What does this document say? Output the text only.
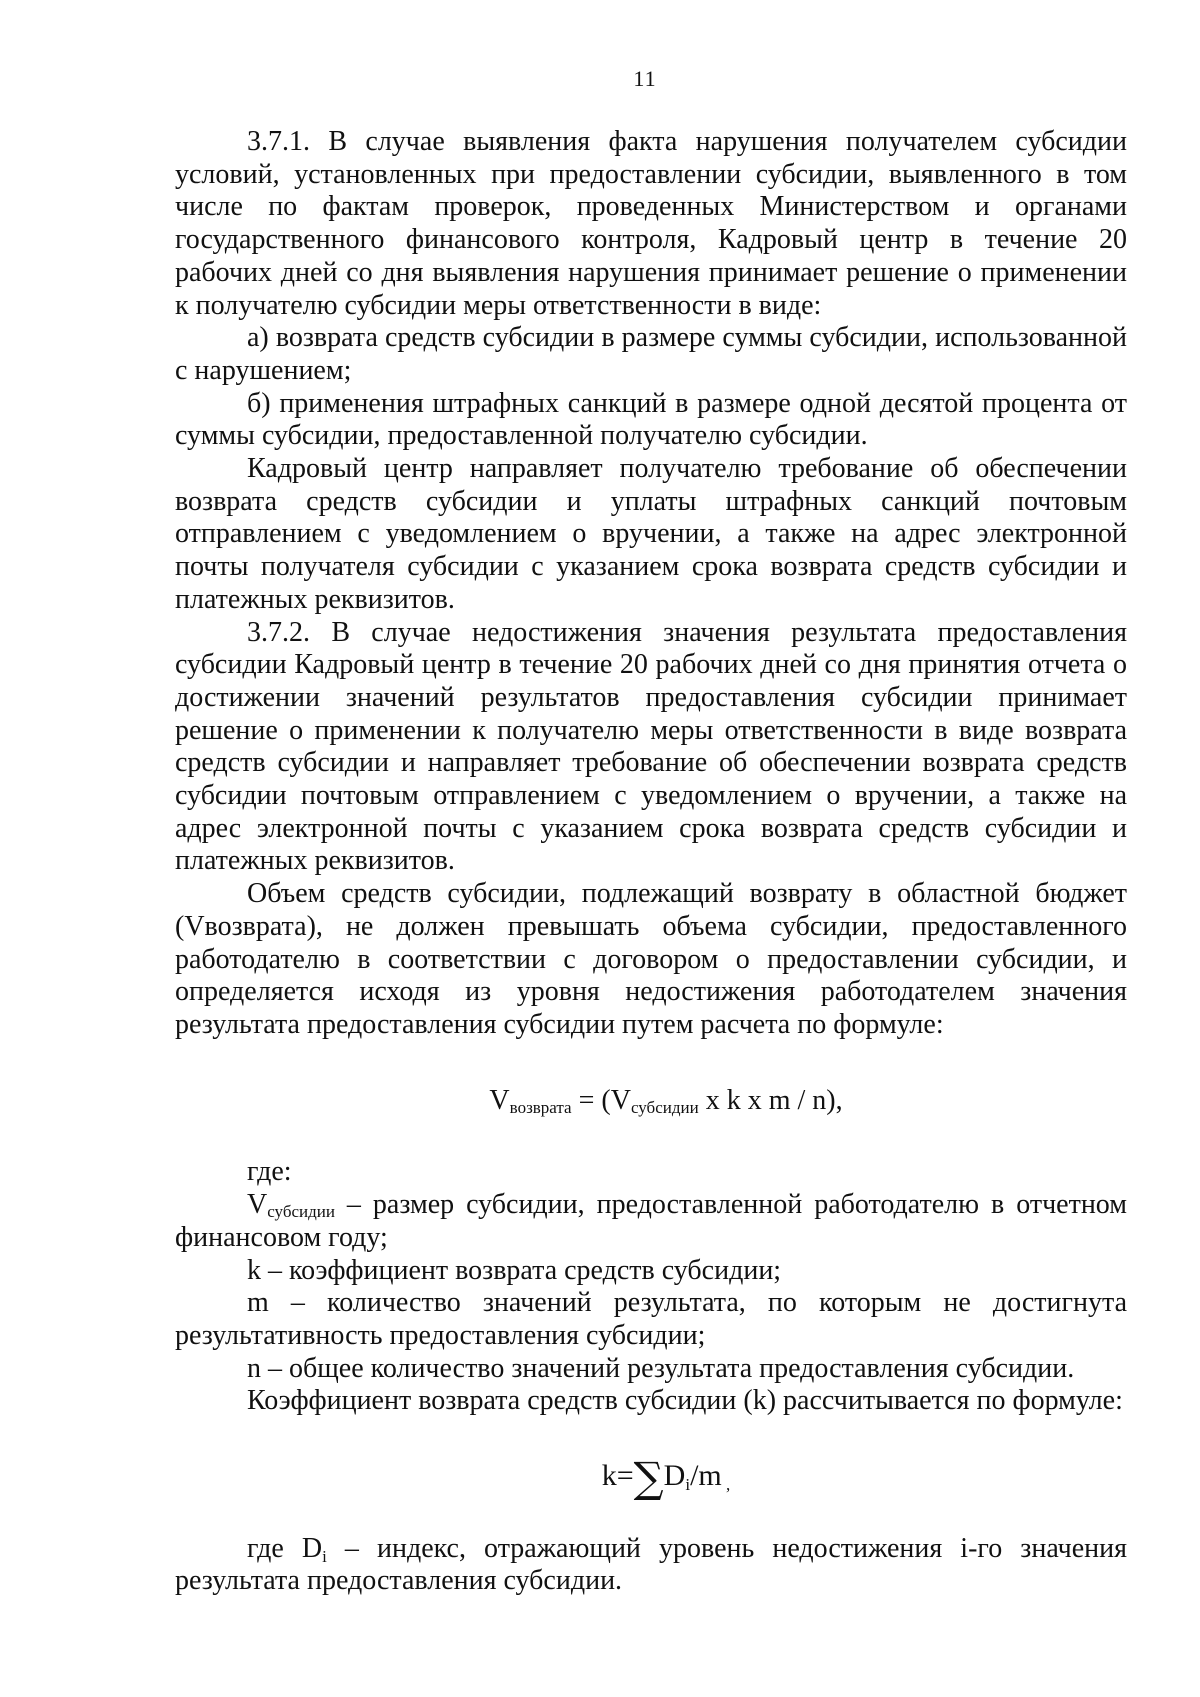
11

3.7.1. В случае выявления факта нарушения получателем субсидии условий, установленных при предоставлении субсидии, выявленного в том числе по фактам проверок, проведенных Министерством и органами государственного финансового контроля, Кадровый центр в течение 20 рабочих дней со дня выявления нарушения принимает решение о применении к получателю субсидии меры ответственности в виде:

а) возврата средств субсидии в размере суммы субсидии, использованной с нарушением;

б) применения штрафных санкций в размере одной десятой процента от суммы субсидии, предоставленной получателю субсидии.

Кадровый центр направляет получателю требование об обеспечении возврата средств субсидии и уплаты штрафных санкций почтовым отправлением с уведомлением о вручении, а также на адрес электронной почты получателя субсидии с указанием срока возврата средств субсидии и платежных реквизитов.

3.7.2. В случае недостижения значения результата предоставления субсидии Кадровый центр в течение 20 рабочих дней со дня принятия отчета о достижении значений результатов предоставления субсидии принимает решение о применении к получателю меры ответственности в виде возврата средств субсидии и направляет требование об обеспечении возврата средств субсидии почтовым отправлением с уведомлением о вручении, а также на адрес электронной почты с указанием срока возврата средств субсидии и платежных реквизитов.

Объем средств субсидии, подлежащий возврату в областной бюджет (Vвозврата), не должен превышать объема субсидии, предоставленного работодателю в соответствии с договором о предоставлении субсидии, и определяется исходя из уровня недостижения работодателем значения результата предоставления субсидии путем расчета по формуле:

$V_{возврата} = (V_{субсидии}$ x k x m / n),

где:

$V_{субсидии}$ – размер субсидии, предоставленной работодателю в отчетном финансовом году;

k – коэффициент возврата средств субсидии;

m – количество значений результата, по которым не достигнута результативность предоставления субсидии;

n – общее количество значений результата предоставления субсидии.

Коэффициент возврата средств субсидии (k) рассчитывается по формуле:

k=∑Di/m ,

где Di – индекс, отражающий уровень недостижения i-го значения результата предоставления субсидии.
